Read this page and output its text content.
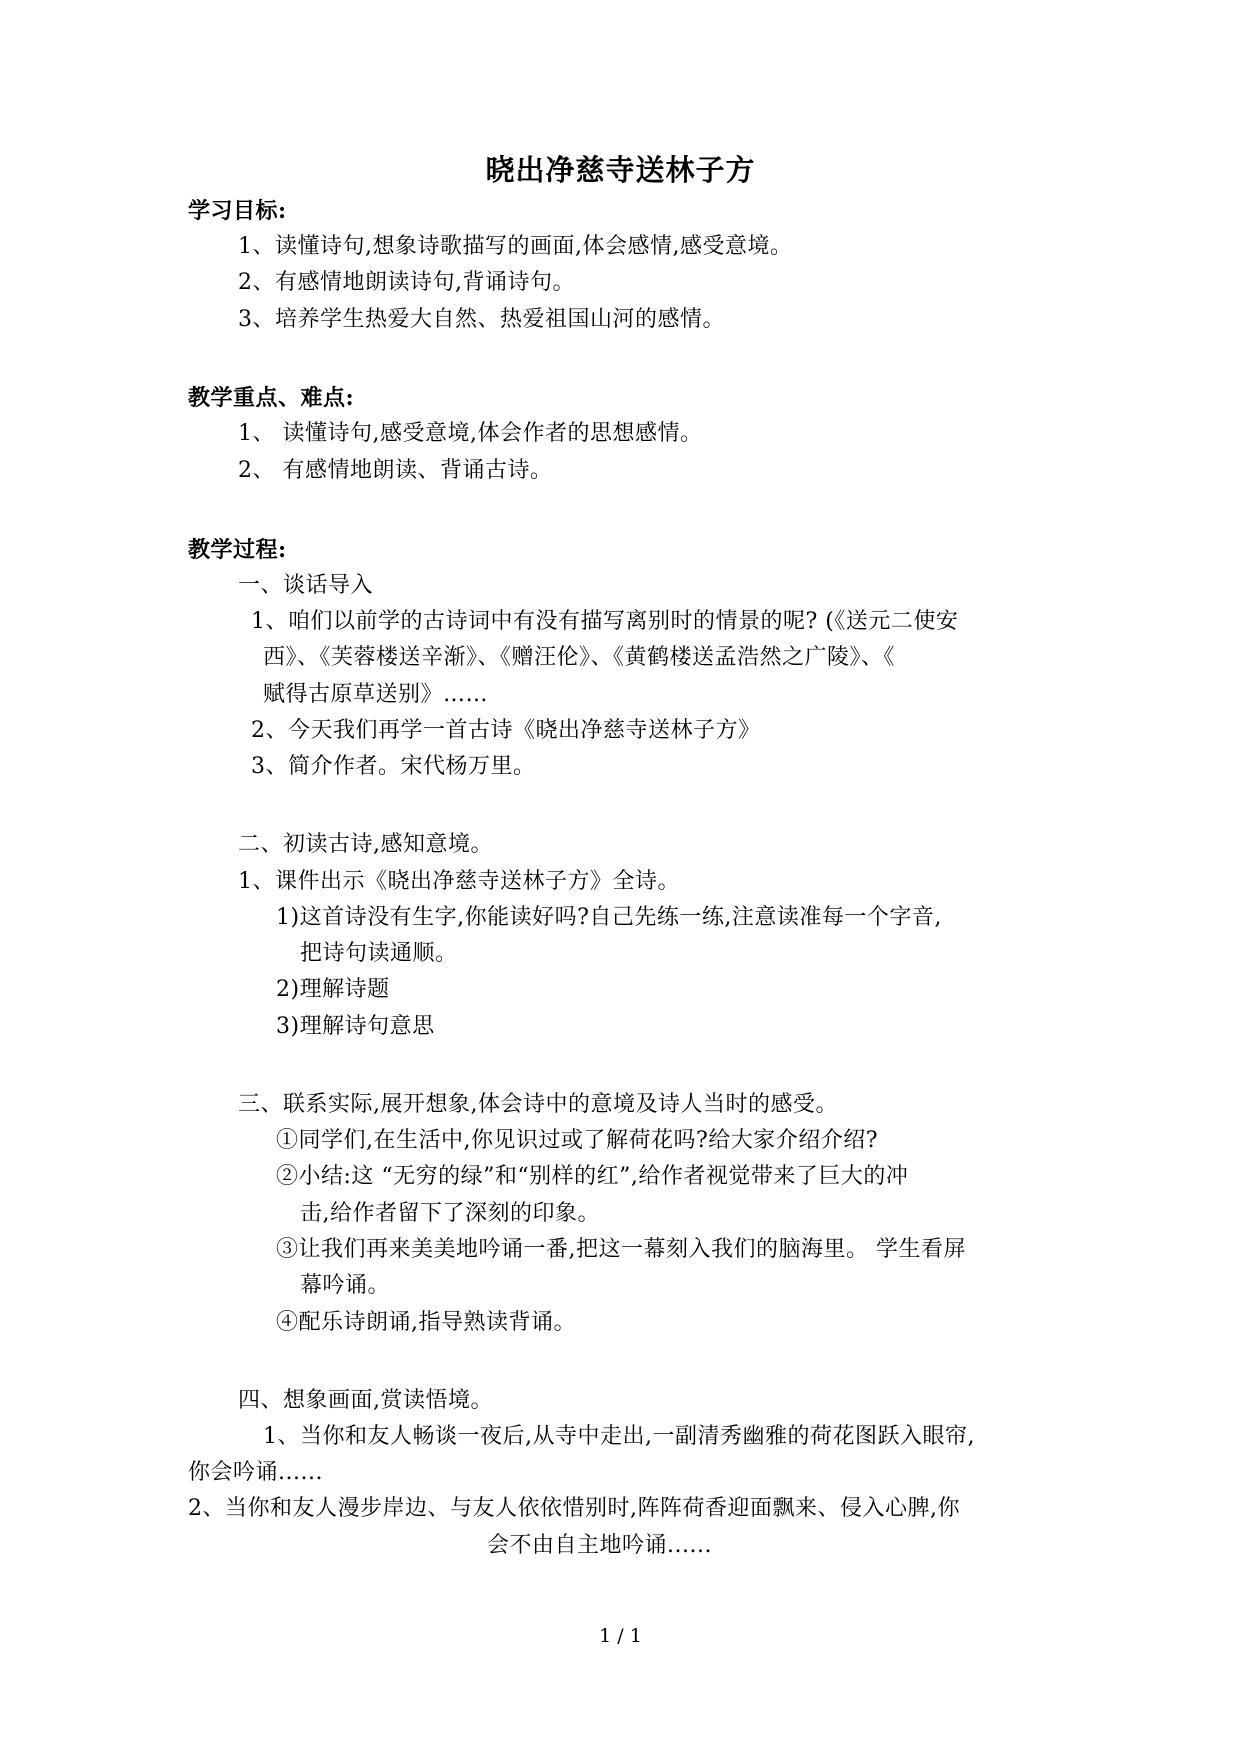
晓出净慈寺送林子方
学习目标:
1、读懂诗句,想象诗歌描写的画面,体会感情,感受意境。
2、有感情地朗读诗句,背诵诗句。
3、培养学生热爱大自然、热爱祖国山河的感情。
教学重点、难点:
1、 读懂诗句,感受意境,体会作者的思想感情。
2、 有感情地朗读、背诵古诗。
教学过程:
一、谈话导入
1、咱们以前学的古诗词中有没有描写离别时的情景的呢? (《送元二使安
西》、《芙蓉楼送辛渐》、《赠汪伦》、《黄鹤楼送孟浩然之广陵》、《
赋得古原草送别》……
2、今天我们再学一首古诗《晓出净慈寺送林子方》
3、简介作者。宋代杨万里。
二、初读古诗,感知意境。
1、课件出示《晓出净慈寺送林子方》全诗。
1)这首诗没有生字,你能读好吗?自己先练一练,注意读准每一个字音,
把诗句读通顺。
2)理解诗题
3)理解诗句意思
三、联系实际,展开想象,体会诗中的意境及诗人当时的感受。
①同学们,在生活中,你见识过或了解荷花吗?给大家介绍介绍?
②小结:这 “无穷的绿”和“别样的红”,给作者视觉带来了巨大的冲
击,给作者留下了深刻的印象。
③让我们再来美美地吟诵一番,把这一幕刻入我们的脑海里。 学生看屏
幕吟诵。
④配乐诗朗诵,指导熟读背诵。
四、想象画面,赏读悟境。
1、当你和友人畅谈一夜后,从寺中走出,一副清秀幽雅的荷花图跃入眼帘,
你会吟诵......
2、当你和友人漫步岸边、与友人依依惜别时,阵阵荷香迎面飘来、侵入心脾,你
会不由自主地吟诵......
1 / 1
